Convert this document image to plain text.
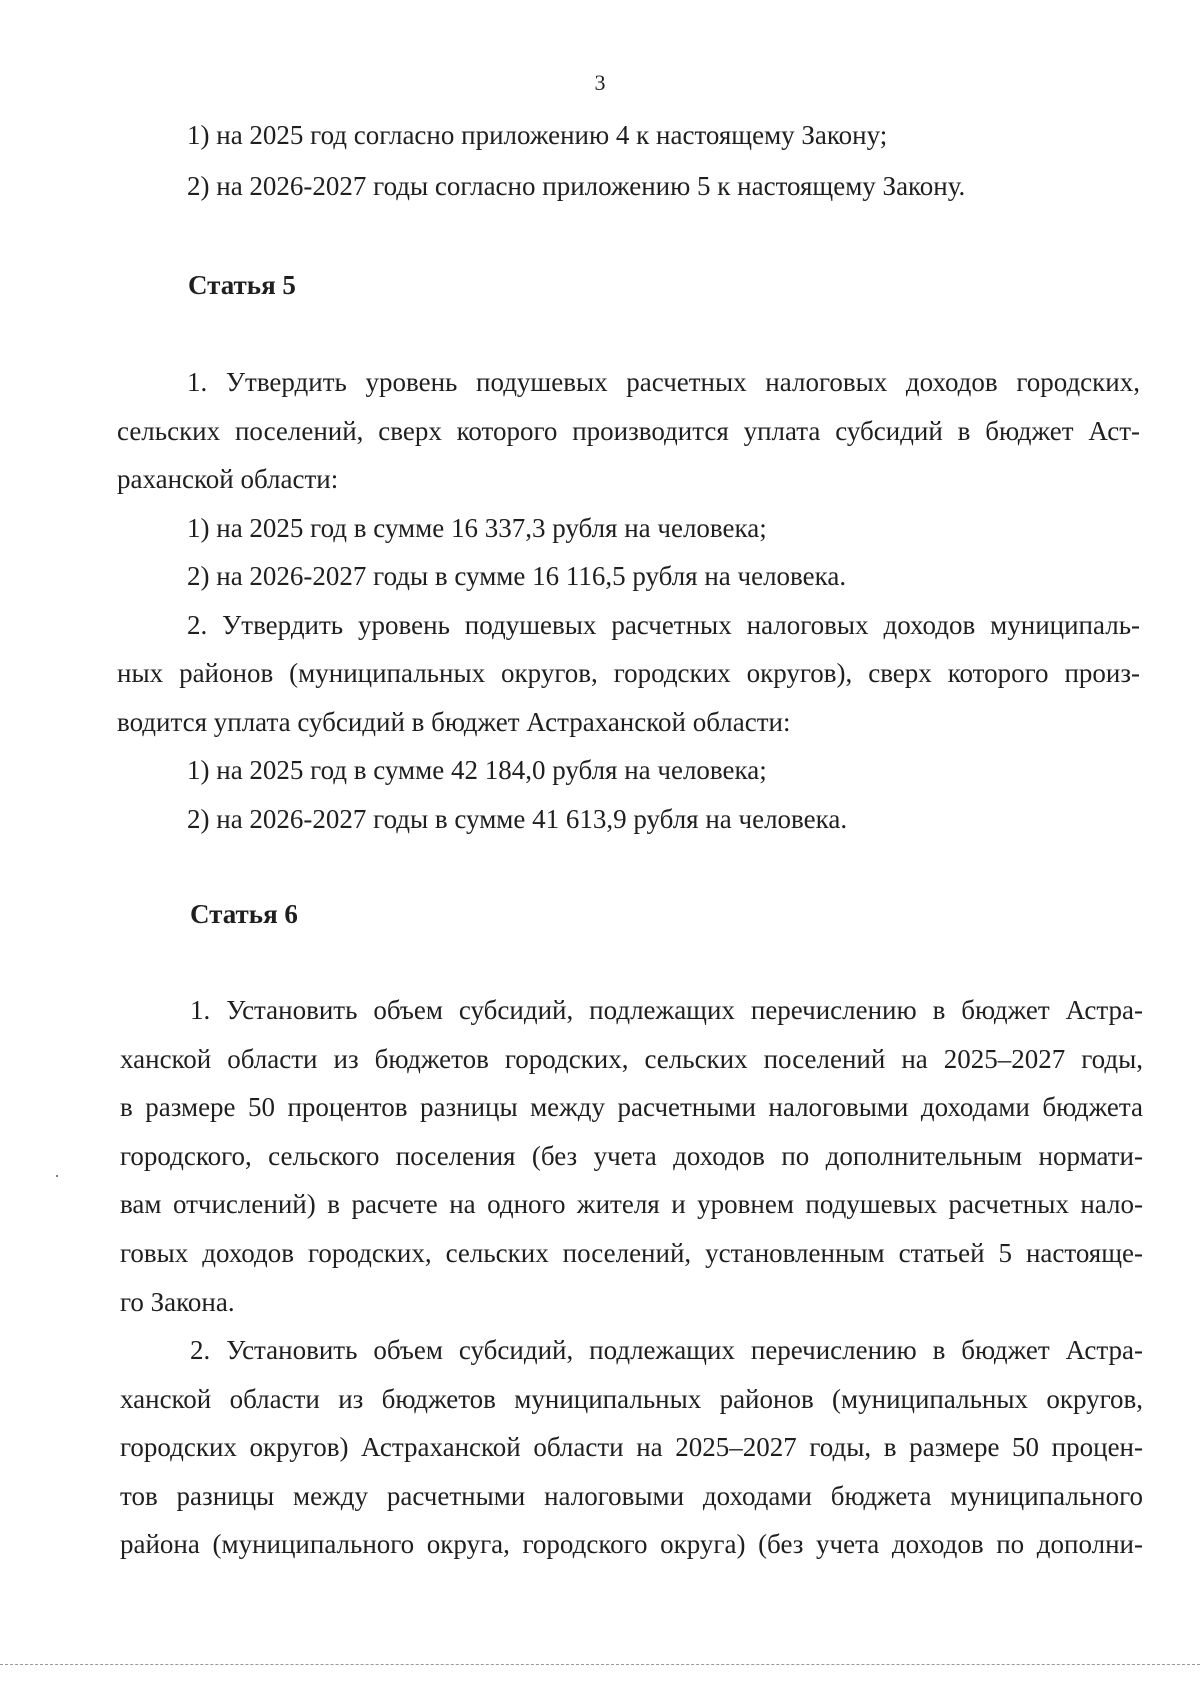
3
1) на 2025 год согласно приложению 4 к настоящему Закону;
2) на 2026-2027 годы согласно приложению 5 к настоящему Закону.
Статья 5
1. Утвердить уровень подушевых расчетных налоговых доходов городских,
сельских поселений, сверх которого производится уплата субсидий в бюджет Аст-
раханской области:
1) на 2025 год в сумме 16 337,3 рубля на человека;
2) на 2026-2027 годы в сумме 16 116,5 рубля на человека.
2. Утвердить уровень подушевых расчетных налоговых доходов муниципаль-
ных районов (муниципальных округов, городских округов), сверх которого произ-
водится уплата субсидий в бюджет Астраханской области:
1) на 2025 год в сумме 42 184,0 рубля на человека;
2) на 2026-2027 годы в сумме 41 613,9 рубля на человека.
Статья 6
1. Установить объем субсидий, подлежащих перечислению в бюджет Астра-
ханской области из бюджетов городских, сельских поселений на 2025–2027 годы,
в размере 50 процентов разницы между расчетными налоговыми доходами бюджета
городского, сельского поселения (без учета доходов по дополнительным нормати-
вам отчислений) в расчете на одного жителя и уровнем подушевых расчетных нало-
говых доходов городских, сельских поселений, установленным статьей 5 настояще-
го Закона.
2. Установить объем субсидий, подлежащих перечислению в бюджет Астра-
ханской области из бюджетов муниципальных районов (муниципальных округов,
городских округов) Астраханской области на 2025–2027 годы, в размере 50 процен-
тов разницы между расчетными налоговыми доходами бюджета муниципального
района (муниципального округа, городского округа) (без учета доходов по дополни-
